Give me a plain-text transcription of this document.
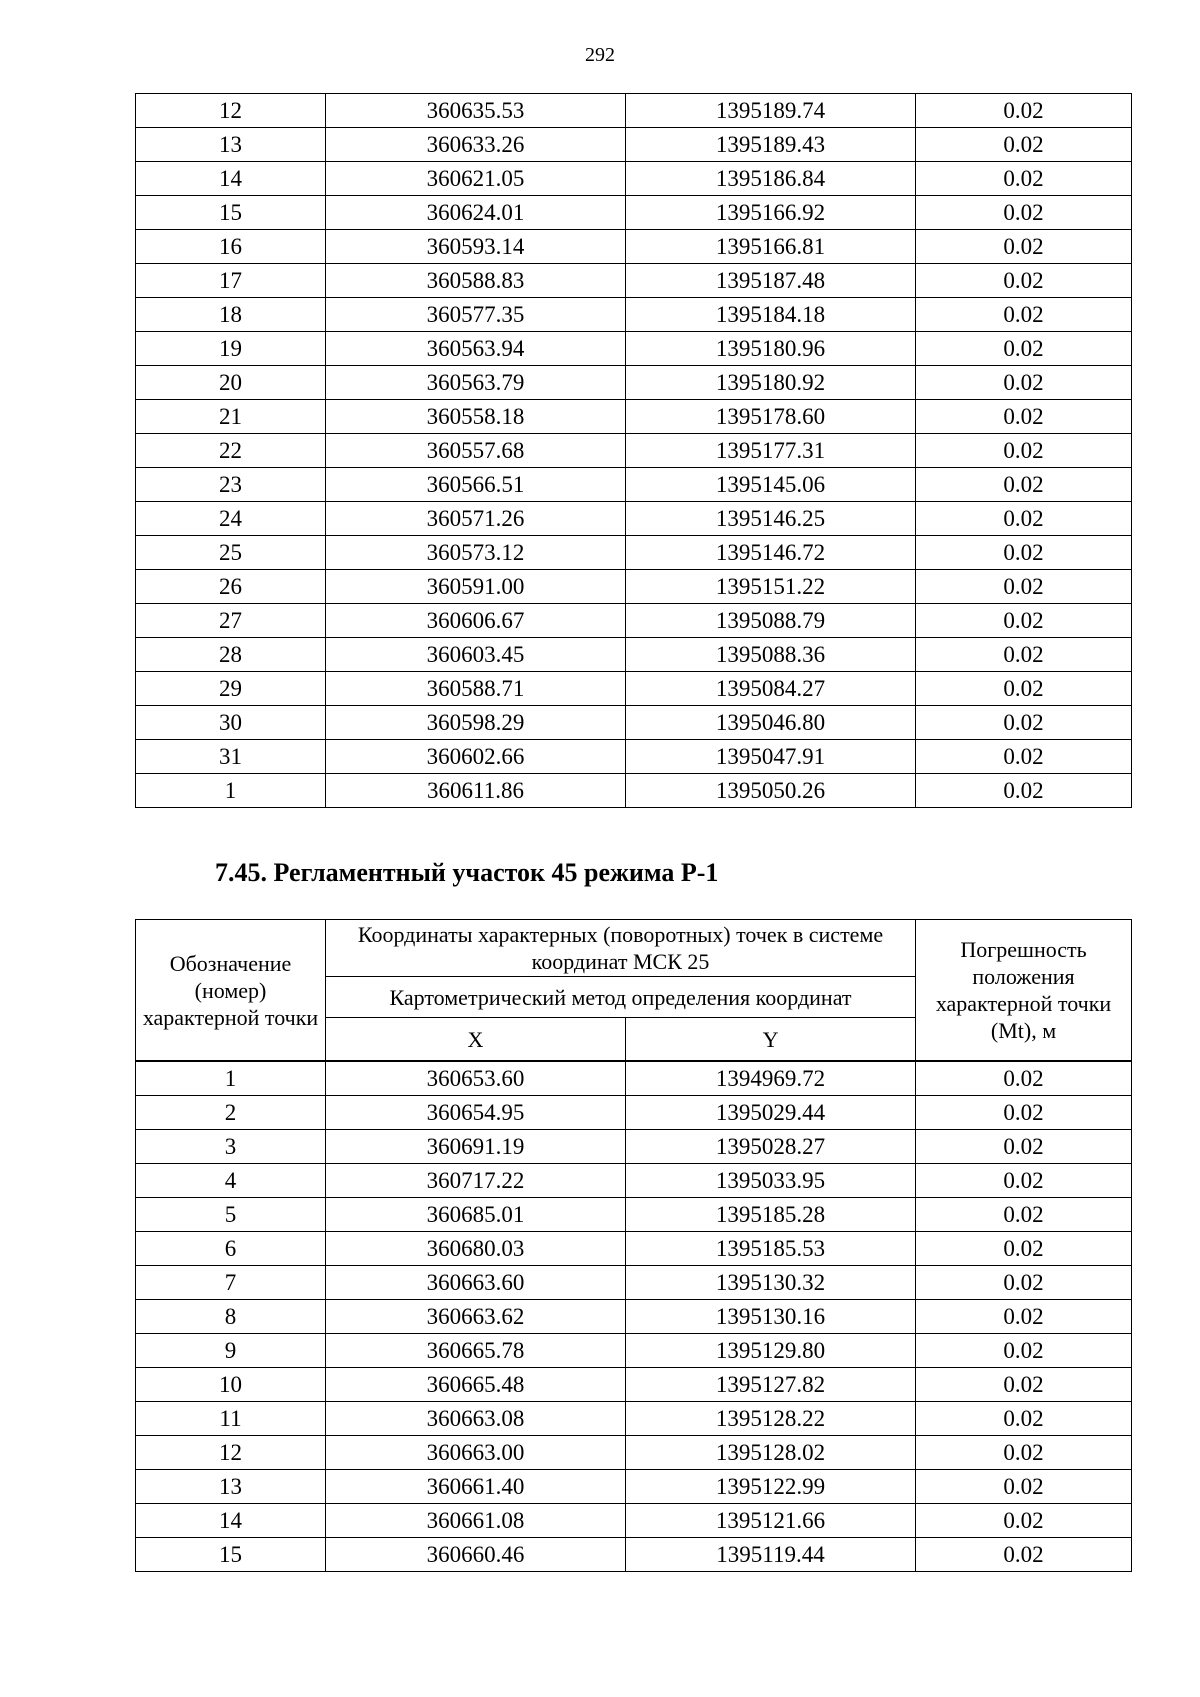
292
12	360635.53	1395189.74	0.02
13	360633.26	1395189.43	0.02
14	360621.05	1395186.84	0.02
15	360624.01	1395166.92	0.02
16	360593.14	1395166.81	0.02
17	360588.83	1395187.48	0.02
18	360577.35	1395184.18	0.02
19	360563.94	1395180.96	0.02
20	360563.79	1395180.92	0.02
21	360558.18	1395178.60	0.02
22	360557.68	1395177.31	0.02
23	360566.51	1395145.06	0.02
24	360571.26	1395146.25	0.02
25	360573.12	1395146.72	0.02
26	360591.00	1395151.22	0.02
27	360606.67	1395088.79	0.02
28	360603.45	1395088.36	0.02
29	360588.71	1395084.27	0.02
30	360598.29	1395046.80	0.02
31	360602.66	1395047.91	0.02
1	360611.86	1395050.26	0.02
7.45. Регламентный участок 45 режима Р-1
Обозначение (номер) характерной точки	Координаты характерных (поворотных) точек в системе координат МСК 25		Погрешность положения характерной точки (Mt), м
	Картометрический метод определения координат		
	X	Y	
1	360653.60	1394969.72	0.02
2	360654.95	1395029.44	0.02
3	360691.19	1395028.27	0.02
4	360717.22	1395033.95	0.02
5	360685.01	1395185.28	0.02
6	360680.03	1395185.53	0.02
7	360663.60	1395130.32	0.02
8	360663.62	1395130.16	0.02
9	360665.78	1395129.80	0.02
10	360665.48	1395127.82	0.02
11	360663.08	1395128.22	0.02
12	360663.00	1395128.02	0.02
13	360661.40	1395122.99	0.02
14	360661.08	1395121.66	0.02
15	360660.46	1395119.44	0.02
